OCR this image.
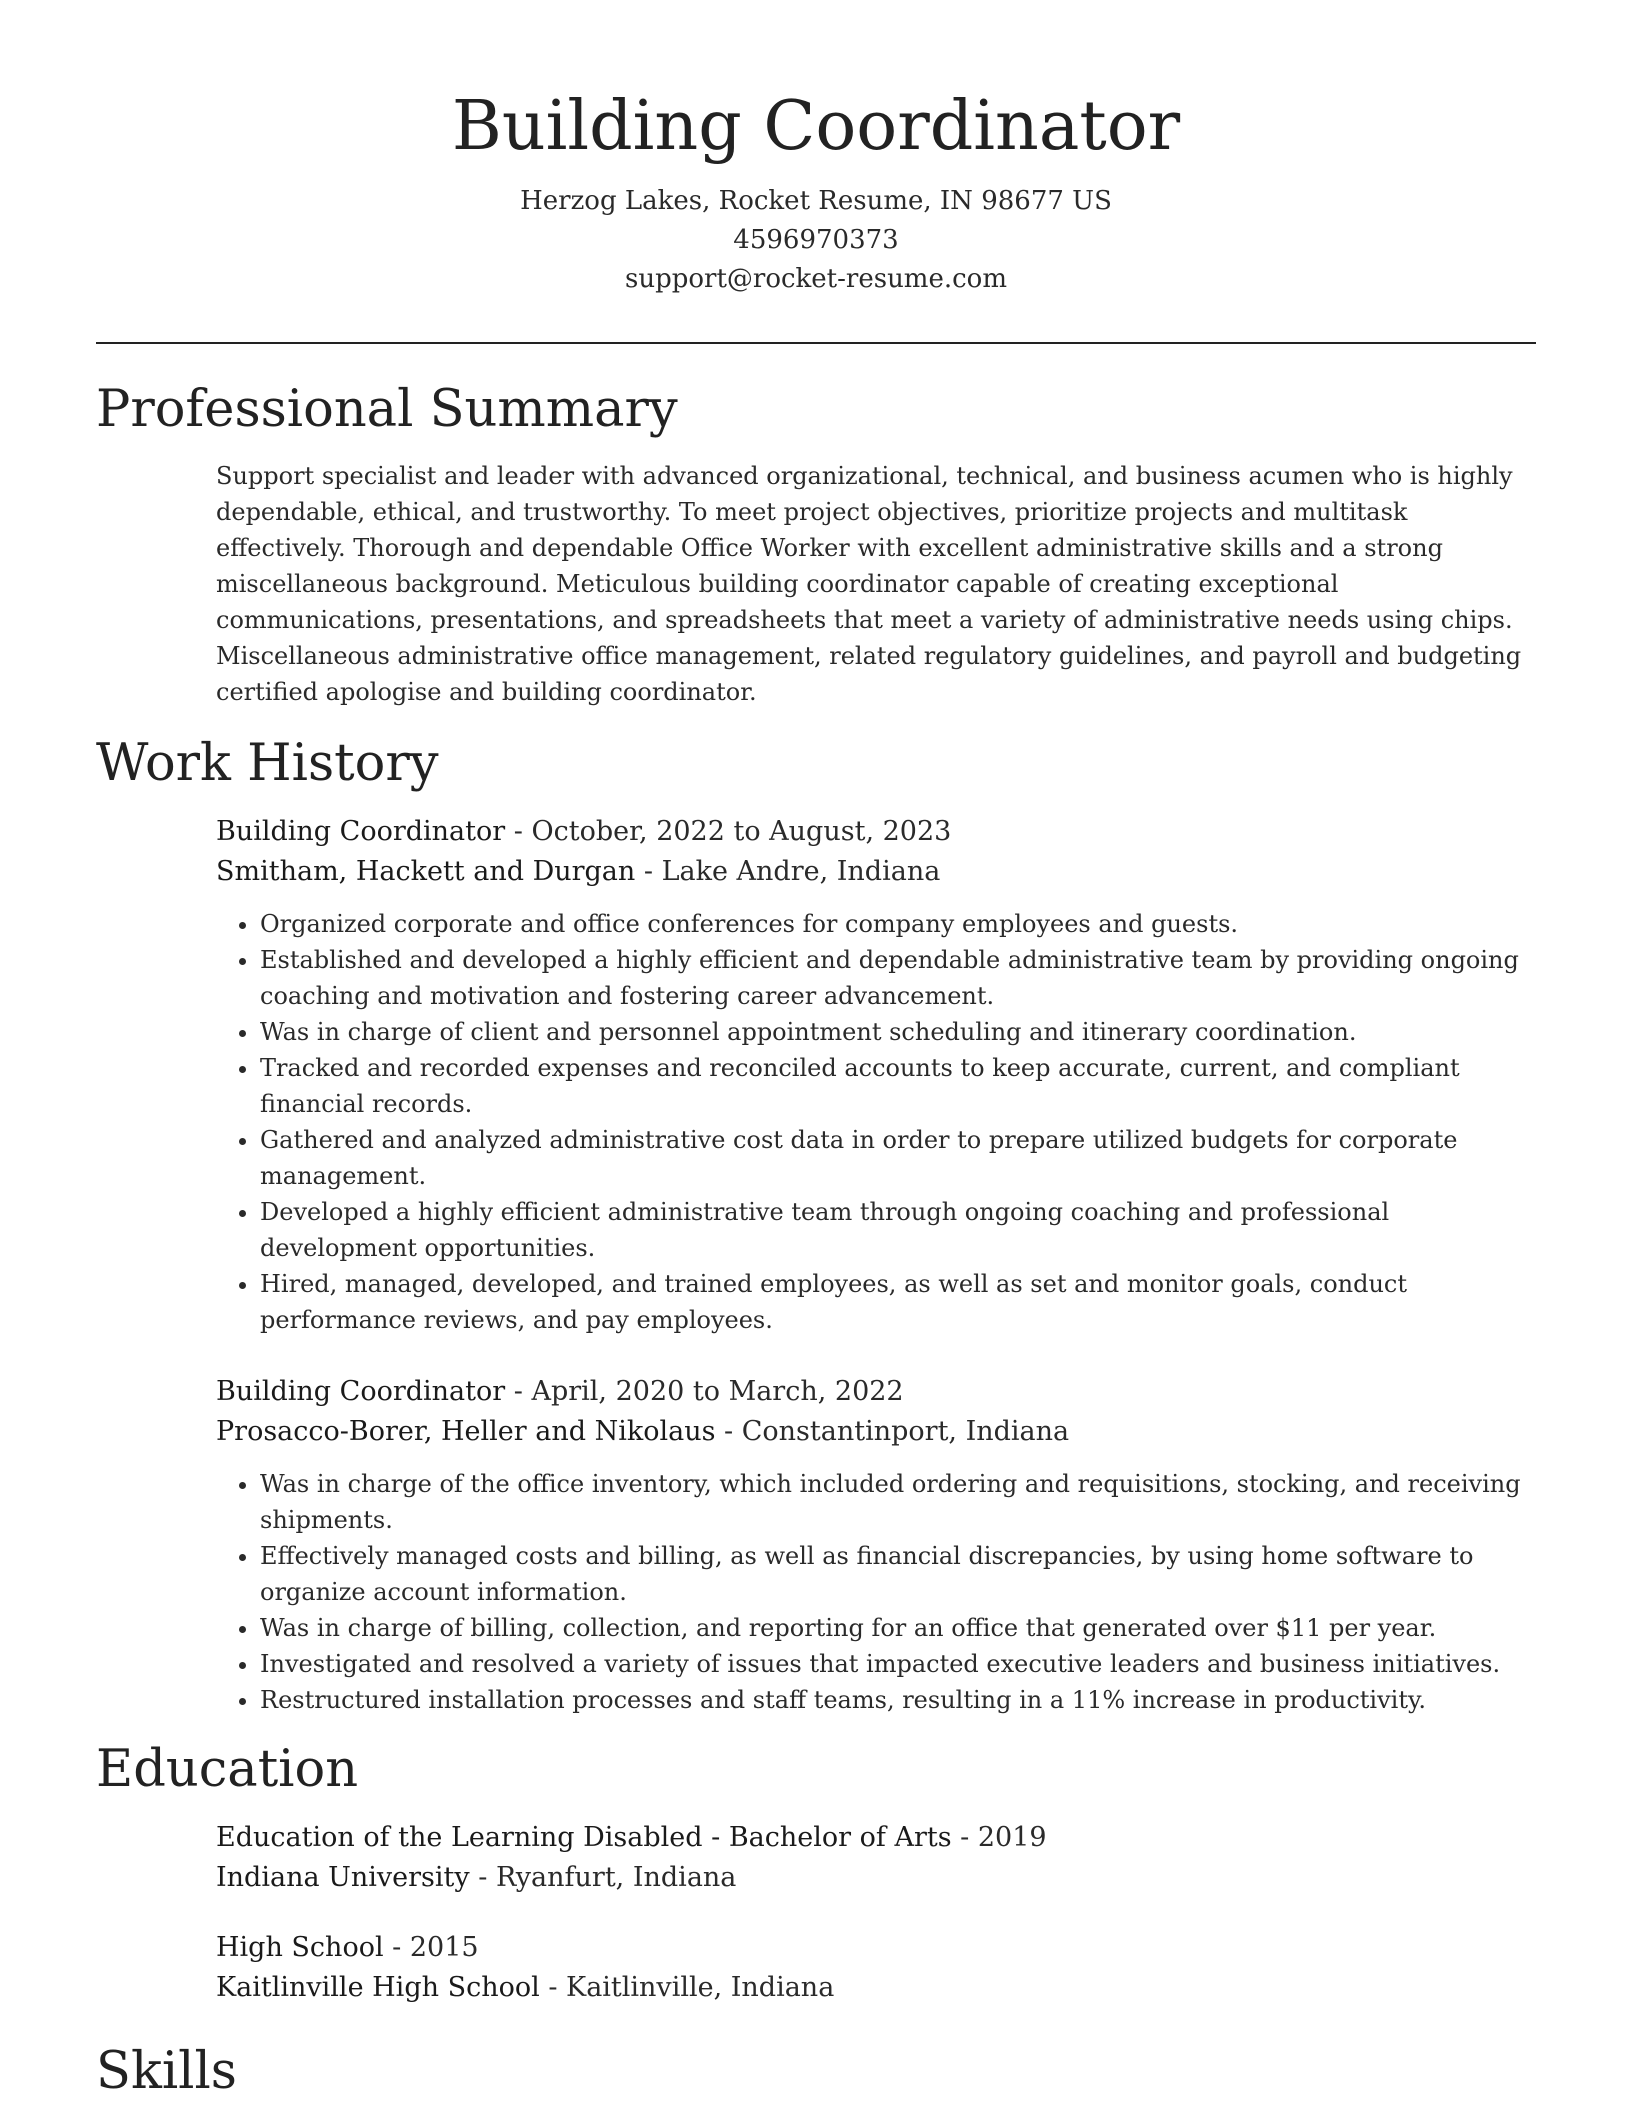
Building Coordinator
Herzog Lakes, Rocket Resume, IN 98677 US
4596970373
support@rocket-resume.com
Professional Summary

Support specialist and leader with advanced organizational, technical, and business acumen who is highly dependable, ethical, and trustworthy. To meet project objectives, prioritize projects and multitask effectively. Thorough and dependable Office Worker with excellent administrative skills and a strong miscellaneous background. Meticulous building coordinator capable of creating exceptional communications, presentations, and spreadsheets that meet a variety of administrative needs using chips. Miscellaneous administrative office management, related regulatory guidelines, and payroll and budgeting certified apologise and building coordinator.

Work History
Building Coordinator - October, 2022 to August, 2023
Smitham, Hackett and Durgan - Lake Andre, Indiana
• Organized corporate and office conferences for company employees and guests.
• Established and developed a highly efficient and dependable administrative team by providing ongoing coaching and motivation and fostering career advancement.
• Was in charge of client and personnel appointment scheduling and itinerary coordination.
• Tracked and recorded expenses and reconciled accounts to keep accurate, current, and compliant financial records.
• Gathered and analyzed administrative cost data in order to prepare utilized budgets for corporate management.
• Developed a highly efficient administrative team through ongoing coaching and professional development opportunities.
• Hired, managed, developed, and trained employees, as well as set and monitor goals, conduct performance reviews, and pay employees.
Building Coordinator - April, 2020 to March, 2022
Prosacco-Borer, Heller and Nikolaus - Constantinport, Indiana
• Was in charge of the office inventory, which included ordering and requisitions, stocking, and receiving shipments.
• Effectively managed costs and billing, as well as financial discrepancies, by using home software to organize account information.
• Was in charge of billing, collection, and reporting for an office that generated over $11 per year.
• Investigated and resolved a variety of issues that impacted executive leaders and business initiatives.
• Restructured installation processes and staff teams, resulting in a 11% increase in productivity.
Education
Education of the Learning Disabled - Bachelor of Arts - 2019
Indiana University - Ryanfurt, Indiana
High School - 2015
Kaitlinville High School - Kaitlinville, Indiana
Skills
